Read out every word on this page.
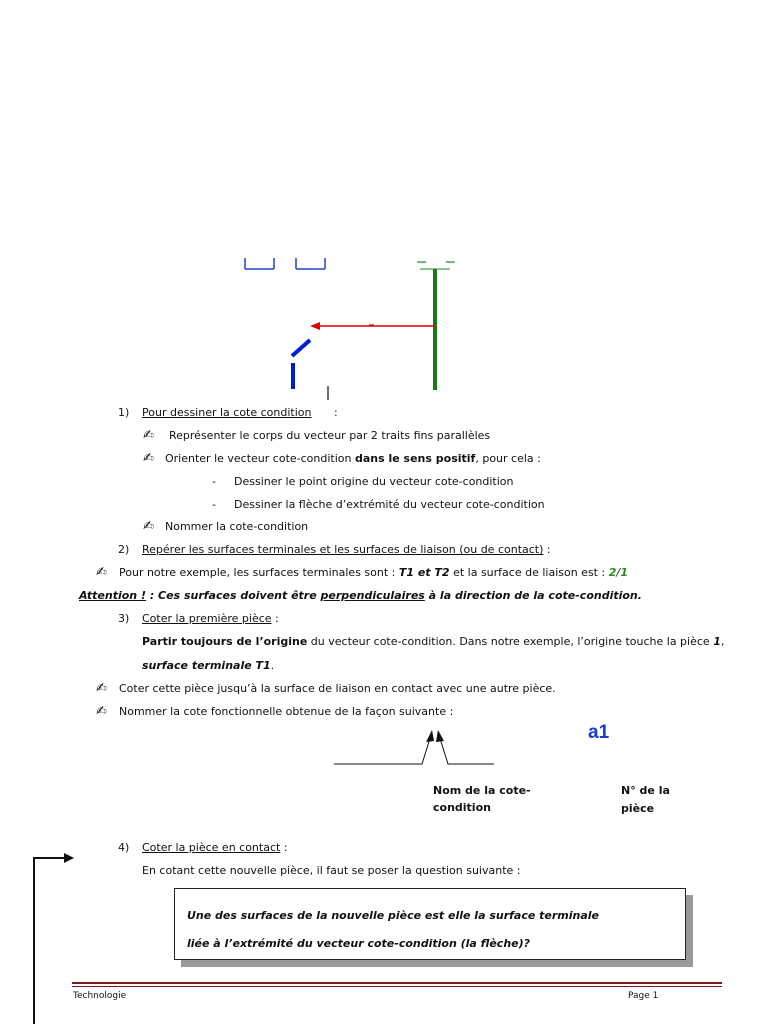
1) Pour dessiner la cote condition :
✍ Représenter le corps du vecteur par 2 traits fins parallèles
✍ Orienter le vecteur cote-condition dans le sens positif, pour cela :
- Dessiner le point origine du vecteur cote-condition
- Dessiner la flèche d’extrémité du vecteur cote-condition
✍ Nommer la cote-condition
2) Repérer les surfaces terminales et les surfaces de liaison (ou de contact) :
✍ Pour notre exemple, les surfaces terminales sont : T1 et T2 et la surface de liaison est : 2/1
Attention ! : Ces surfaces doivent être perpendiculaires à la direction de la cote-condition.
3) Coter la première pièce :
Partir toujours de l’origine du vecteur cote-condition. Dans notre exemple, l’origine touche la pièce 1,
surface terminale T1.
✍ Coter cette pièce jusqu’à la surface de liaison en contact avec une autre pièce.
✍ Nommer la cote fonctionnelle obtenue de la façon suivante :
a1
Nom de la cote-
conditi̇on
N° de la
pièce
4) Coter la pièce en contact :
En cotant cette nouvelle pièce, il faut se poser la question suivante :
Une des surfaces de la nouvelle pièce est elle la surface terminale
liée à l’extrémité du vecteur cote-condition (la flèche)?
Technologie	Page 1
